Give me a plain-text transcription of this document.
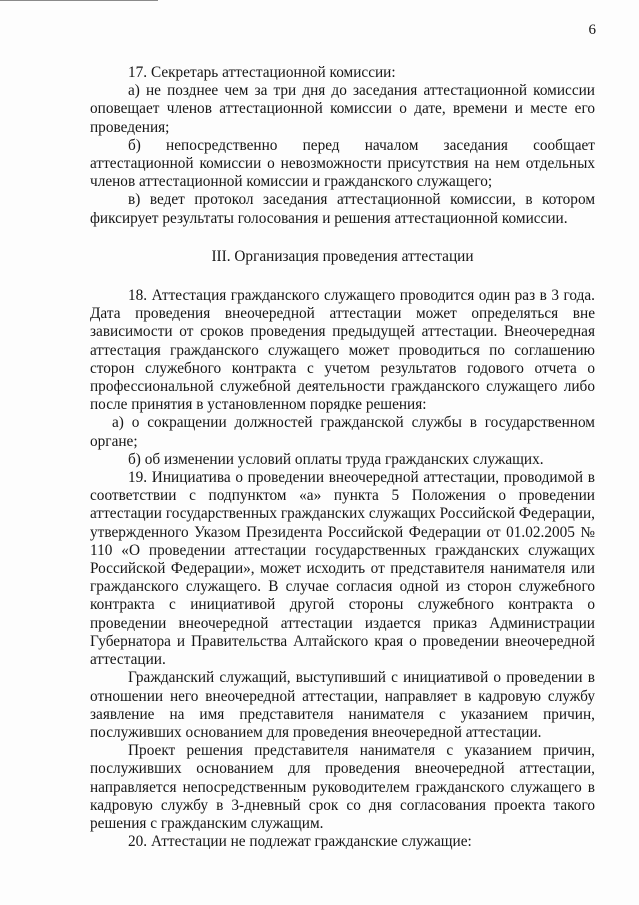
6

17. Секретарь аттестационной комиссии:

а) не позднее чем за три дня до заседания аттестационной комиссии оповещает членов аттестационной комиссии о дате, времени и месте его проведения;

б) непосредственно перед началом заседания сообщает аттестационной комиссии о невозможности присутствия на нем отдельных членов аттестационной комиссии и гражданского служащего;

в) ведет протокол заседания аттестационной комиссии, в котором фиксирует результаты голосования и решения аттестационной комиссии.

III. Организация проведения аттестации

18. Аттестация гражданского служащего проводится один раз в 3 года. Дата проведения внеочередной аттестации может определяться вне зависимости от сроков проведения предыдущей аттестации. Внеочередная аттестация гражданского служащего может проводиться по соглашению сторон служебного контракта с учетом результатов годового отчета о профессиональной служебной деятельности гражданского служащего либо после принятия в установленном порядке решения:

а) о сокращении должностей гражданской службы в государственном органе;

б) об изменении условий оплаты труда гражданских служащих.

19. Инициатива о проведении внеочередной аттестации, проводимой в соответствии с подпунктом «а» пункта 5 Положения о проведении аттестации государственных гражданских служащих Российской Федерации, утвержденного Указом Президента Российской Федерации от 01.02.2005 № 110 «О проведении аттестации государственных гражданских служащих Российской Федерации», может исходить от представителя нанимателя или гражданского служащего. В случае согласия одной из сторон служебного контракта с инициативой другой стороны служебного контракта о проведении внеочередной аттестации издается приказ Администрации Губернатора и Правительства Алтайского края о проведении внеочередной аттестации.

Гражданский служащий, выступивший с инициативой о проведении в отношении него внеочередной аттестации, направляет в кадровую службу заявление на имя представителя нанимателя с указанием причин, послуживших основанием для проведения внеочередной аттестации.

Проект решения представителя нанимателя с указанием причин, послуживших основанием для проведения внеочередной аттестации, направляется непосредственным руководителем гражданского служащего в кадровую службу в 3-дневный срок со дня согласования проекта такого решения с гражданским служащим.

20. Аттестации не подлежат гражданские служащие:
